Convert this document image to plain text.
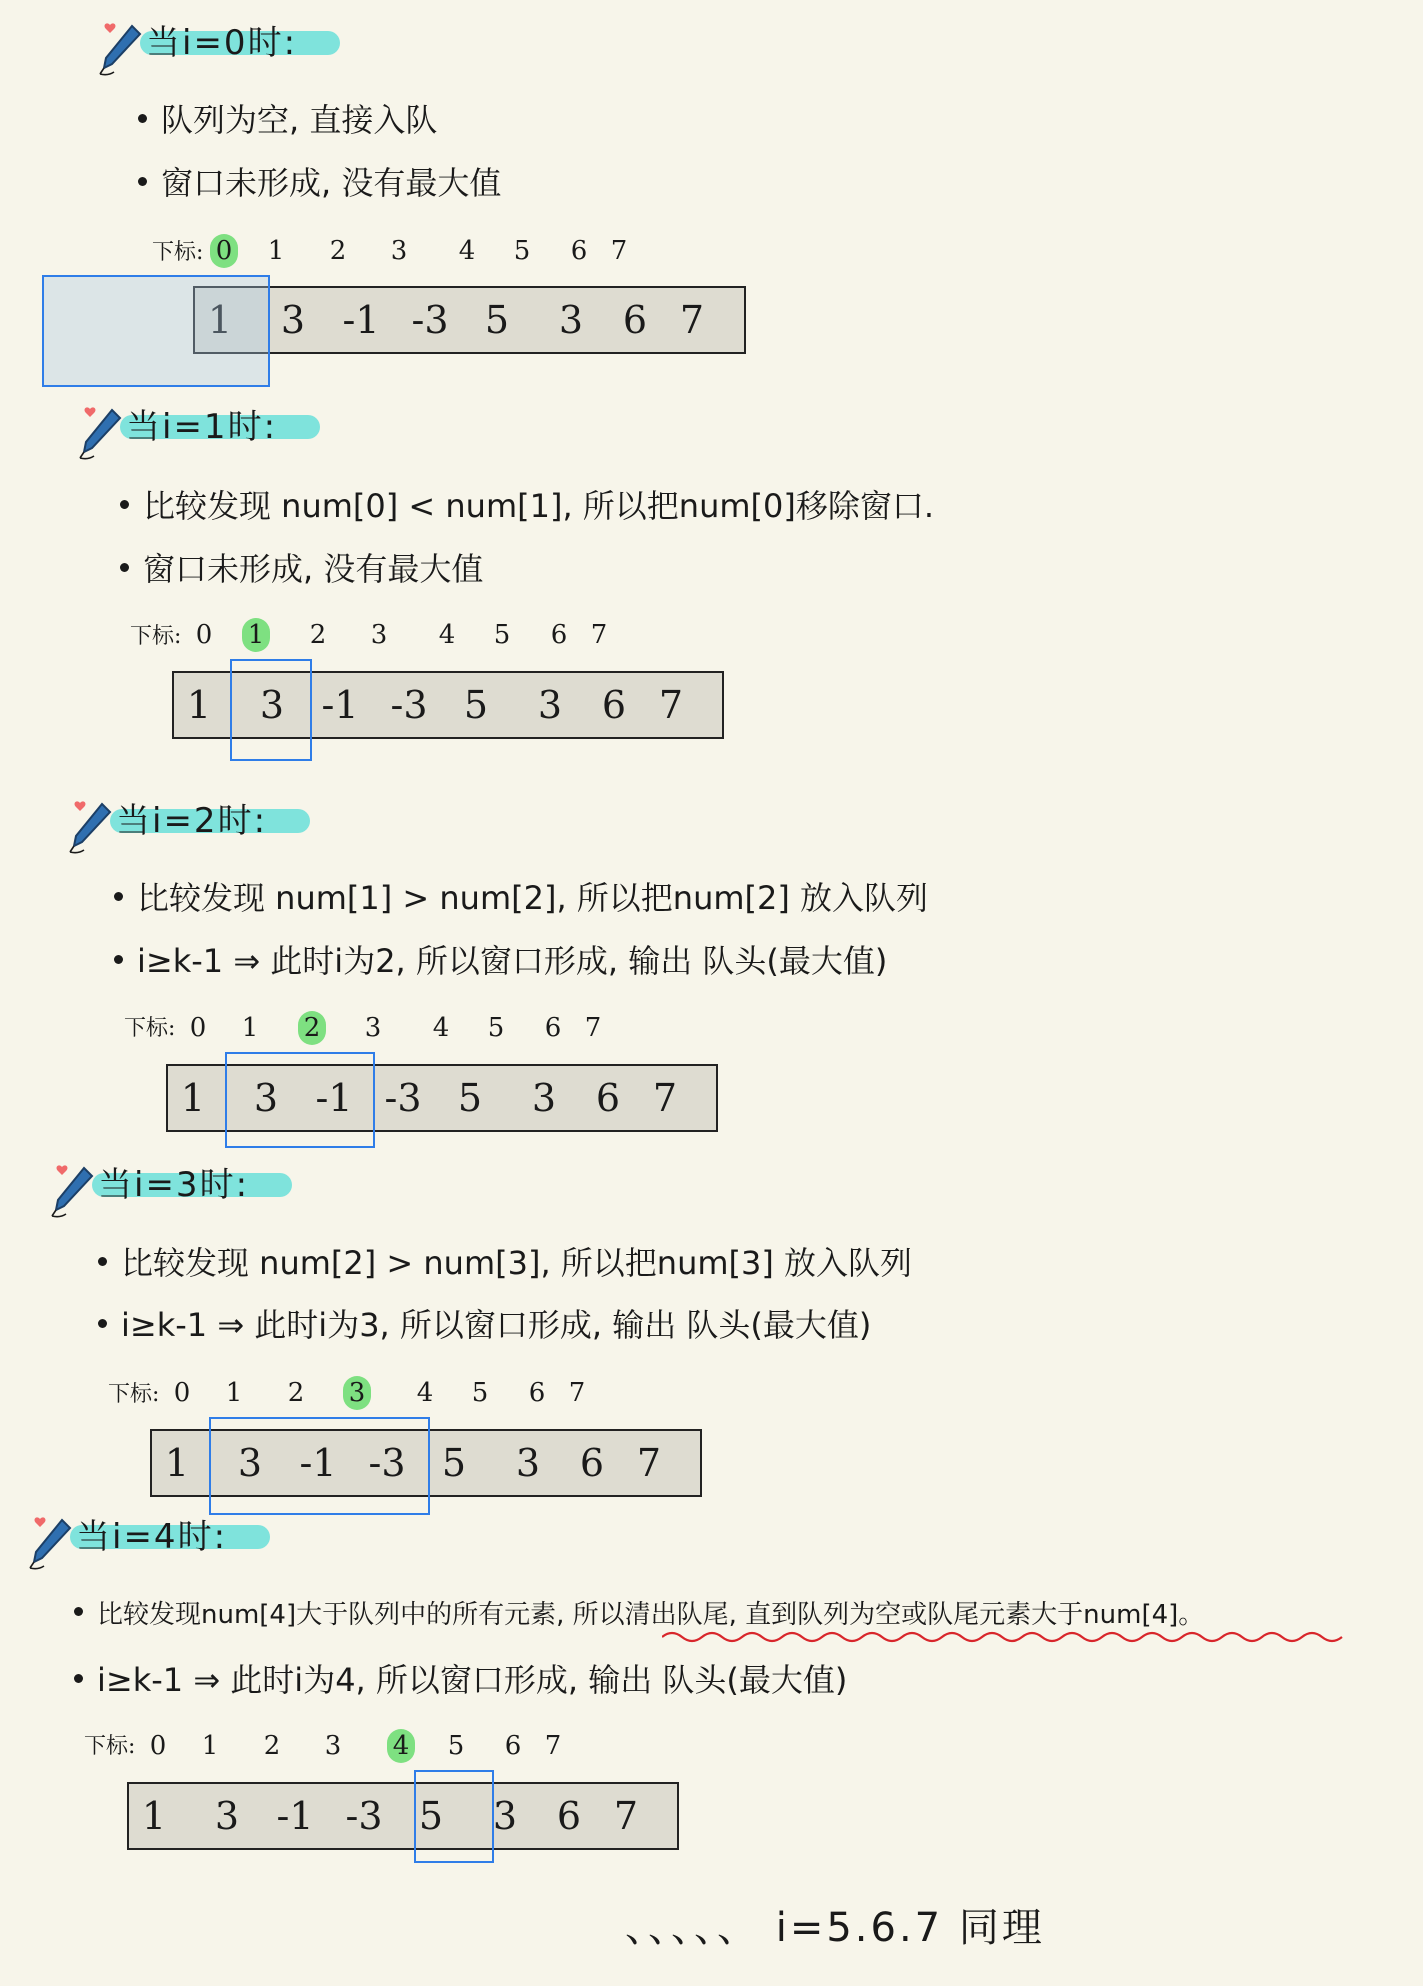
当i=0时:
队列为空, 直接入队
窗口未形成, 没有最大值
下标:
1	3 -1 -3 5	3	6 7
0 1 2 3 4 5 6 7
当i=1时:
比较发现 num[0] < num[1], 所以把num[0]移除窗口.
窗口未形成, 没有最大值
下标:
1	3 -1 -3 5	3	6 7
0 1 2 3 4 5 6 7
当i=2时:
比较发现 num[1] > num[2], 所以把num[2] 放入队列
i≥k-1 ⇒ 此时i为2, 所以窗口形成, 输出 队头(最大值)
下标:
1	3 -1 -3 5	3	6 7
0 1 2 3 4 5 6 7
当i=3时:
比较发现 num[2] > num[3], 所以把num[3] 放入队列
i≥k-1 ⇒ 此时i为3, 所以窗口形成, 输出 队头(最大值)
下标:
1	3 -1 -3 5	3	6 7
0 1 2 3 4 5 6 7
当i=4时:
比较发现num[4]大于队列中的所有元素, 所以清出队尾, 直到队列为空或队尾元素大于num[4]。
i≥k-1 ⇒ 此时i为4, 所以窗口形成, 输出 队头(最大值)
下标:
1	3 -1 -3 5	3	6 7
0 1 2 3 4 5 6 7
、、、、、 i=5.6.7 同理
